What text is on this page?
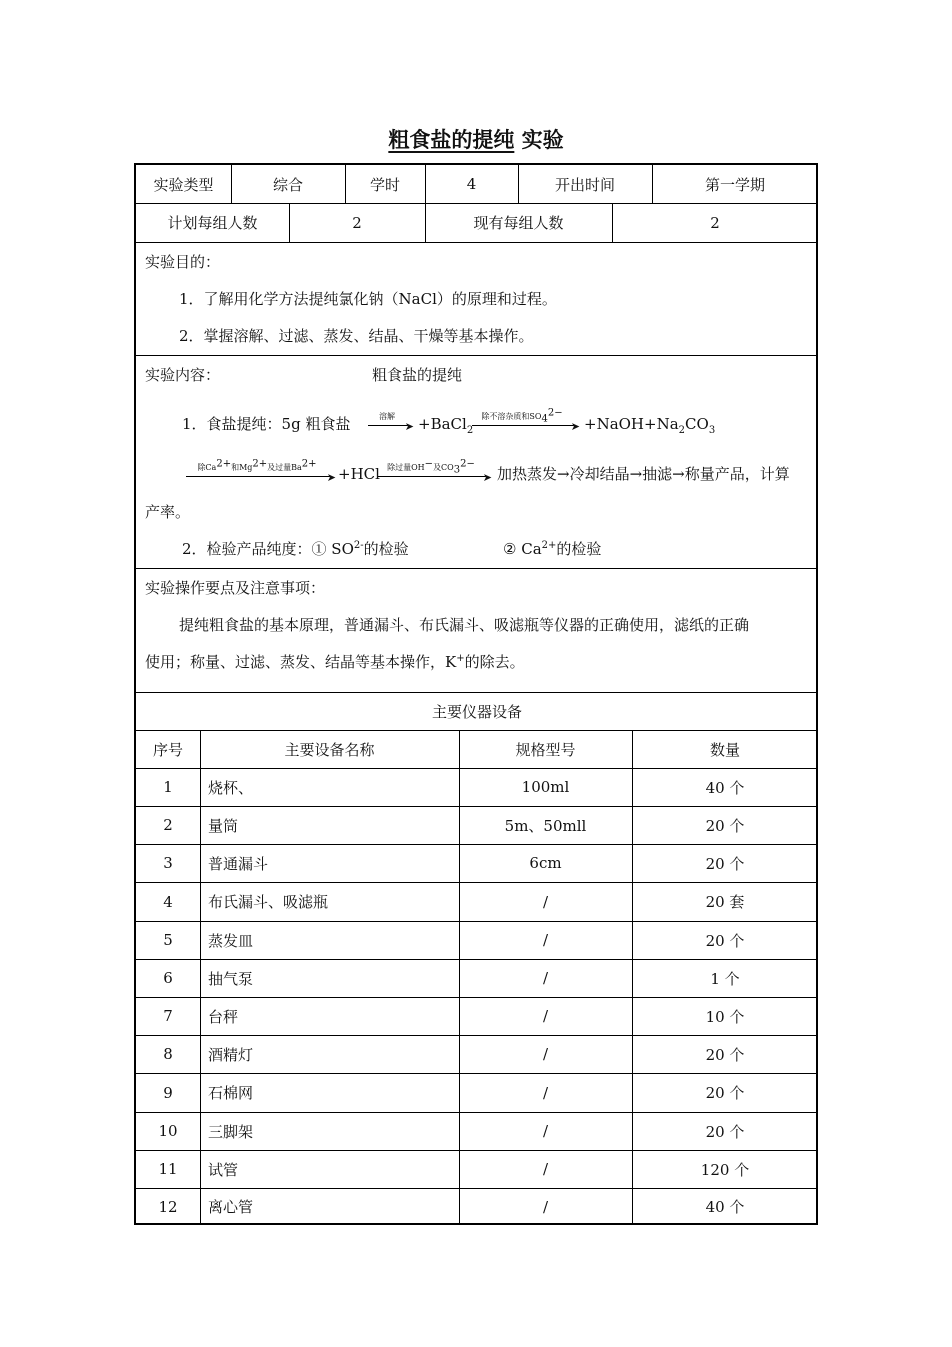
粗食盐的提纯 实验
实验类型	综合	学时	4	开出时间	第一学期
计划每组人数	2	现有每组人数	2
实验目的：
1．了解用化学方法提纯氯化钠（NaCl）的原理和过程。
2．掌握溶解、过滤、蒸发、结晶、干燥等基本操作。
实验内容：	粗食盐的提纯
1．食盐提纯：5g 粗食盐	溶解
➤ +BaCl$_2$
除不溶杂质和$SO_4^{2-}$
➤ $+NaOH+Na_2CO_3$
除$Ca^{2+}$和$Mg^{2+}$及过量$Ba^{2+}$
➤ +HCl 除过量OH−及$CO_3^{2-}$
➤ 加热蒸发→冷却结晶→抽滤→称量产品，计算
产率。
2．检验产品纯度：① $SO^{2-}$的检验	② $Ca^{2+}$的检验
实验操作要点及注意事项：
提纯粗食盐的基本原理，普通漏斗、布氏漏斗、吸滤瓶等仪器的正确使用，滤纸的正确
使用；称量、过滤、蒸发、结晶等基本操作，K+的除去。
主要仪器设备
序号	主要设备名称	规格型号	数量
1	烧杯、	100ml	40 个
2	量筒	5m、50mll	20 个
3	普通漏斗	6cm	20 个
4	布氏漏斗、吸滤瓶	/	20 套
5	蒸发皿	/	20 个
6	抽气泵	/	1 个
7	台秤	/	10 个
8	酒精灯	/	20 个
9	石棉网	/	20 个
10	三脚架	/	20 个
11	试管	/	120 个
12	离心管	/	40 个
